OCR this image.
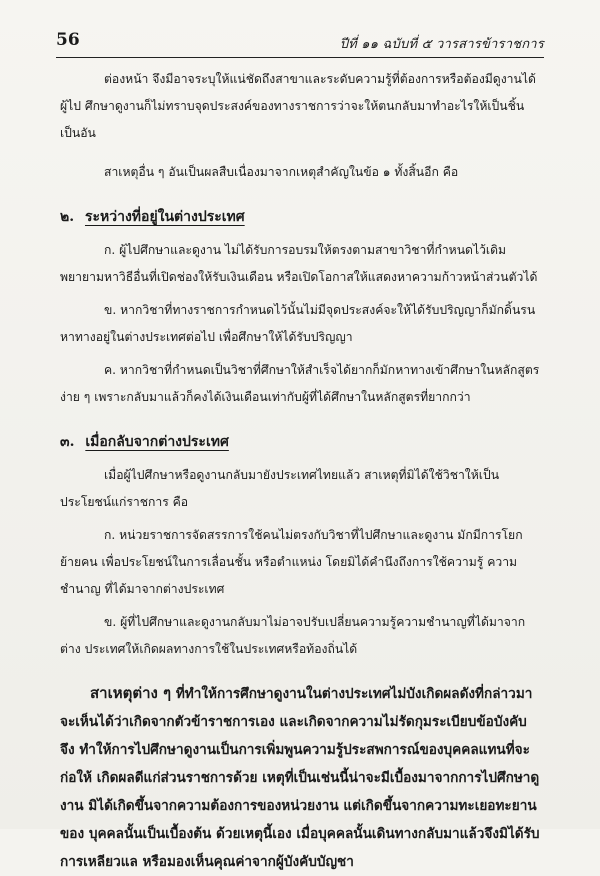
56	ปีที่ ๑๑ ฉบับที่ ๕ วารสารข้าราชการ

ต่องหน้า จึงมีอาจระบุให้แน่ชัดถึงสาขาและระดับความรู้ที่ต้องการหรือต้องมีดูงานได้ ผู้ไป ศึกษาดูงานก็ไม่ทราบจุดประสงค์ของทางราชการว่าจะให้ตนกลับมาทำอะไรให้เป็นชิ้นเป็นอัน

สาเหตุอื่น ๆ อันเป็นผลสืบเนื่องมาจากเหตุสำคัญในข้อ ๑ ทั้งสิ้นอีก คือ

๒. ระหว่างที่อยู่ในต่างประเทศ

ก. ผู้ไปศึกษาและดูงาน ไม่ได้รับการอบรมให้ตรงตามสาขาวิชาที่กำหนดไว้เดิม พยายามหาวิธีอื่นที่เปิดช่องให้รับเงินเดือน หรือเปิดโอกาสให้แสดงหาความก้าวหน้าส่วนตัวได้

ข. หากวิชาที่ทางราชการกำหนดไว้นั้นไม่มีจุดประสงค์จะให้ได้รับปริญญาก็มักดิ้นรน หาทางอยู่ในต่างประเทศต่อไป เพื่อศึกษาให้ได้รับปริญญา

ค. หากวิชาที่กำหนดเป็นวิชาที่ศึกษาให้สำเร็จได้ยากก็มักหาทางเข้าศึกษาในหลักสูตรง่าย ๆ เพราะกลับมาแล้วก็คงได้เงินเดือนเท่ากับผู้ที่ได้ศึกษาในหลักสูตรที่ยากกว่า

๓. เมื่อกลับจากต่างประเทศ

เมื่อผู้ไปศึกษาหรือดูงานกลับมายังประเทศไทยแล้ว สาเหตุที่มิได้ใช้วิชาให้เป็น ประโยชน์แก่ราชการ คือ

ก. หน่วยราชการจัดสรรการใช้คนไม่ตรงกับวิชาที่ไปศึกษาและดูงาน มักมีการโยก ย้ายคน เพื่อประโยชน์ในการเลื่อนชั้น หรือตำแหน่ง โดยมิได้คำนึงถึงการใช้ความรู้ ความ ชำนาญ ที่ได้มาจากต่างประเทศ

ข. ผู้ที่ไปศึกษาและดูงานกลับมาไม่อาจปรับเปลี่ยนความรู้ความชำนาญที่ได้มาจากต่าง ประเทศให้เกิดผลทางการใช้ในประเทศหรือท้องถิ่นได้

สาเหตุต่าง ๆ ที่ทำให้การศึกษาดูงานในต่างประเทศไม่บังเกิดผลดังที่กล่าวมา จะเห็นได้ว่าเกิดจากตัวข้าราชการเอง และเกิดจากความไม่รัดกุมระเบียบข้อบังคับ จึง ทำให้การไปศึกษาดูงานเป็นการเพิ่มพูนความรู้ประสพการณ์ของบุคคลแทนที่จะก่อให้ เกิดผลดีแก่ส่วนราชการด้วย เหตุที่เป็นเช่นนี้น่าจะมีเบื้องมาจากการไปศึกษาดูงาน มิได้เกิดขึ้นจากความต้องการของหน่วยงาน แต่เกิดขึ้นจากความทะเยอทะยานของ บุคคลนั้นเป็นเบื้องต้น ด้วยเหตุนี้เอง เมื่อบุคคลนั้นเดินทางกลับมาแล้วจึงมิได้รับ การเหลียวแล หรือมองเห็นคุณค่าจากผู้บังคับบัญชา
